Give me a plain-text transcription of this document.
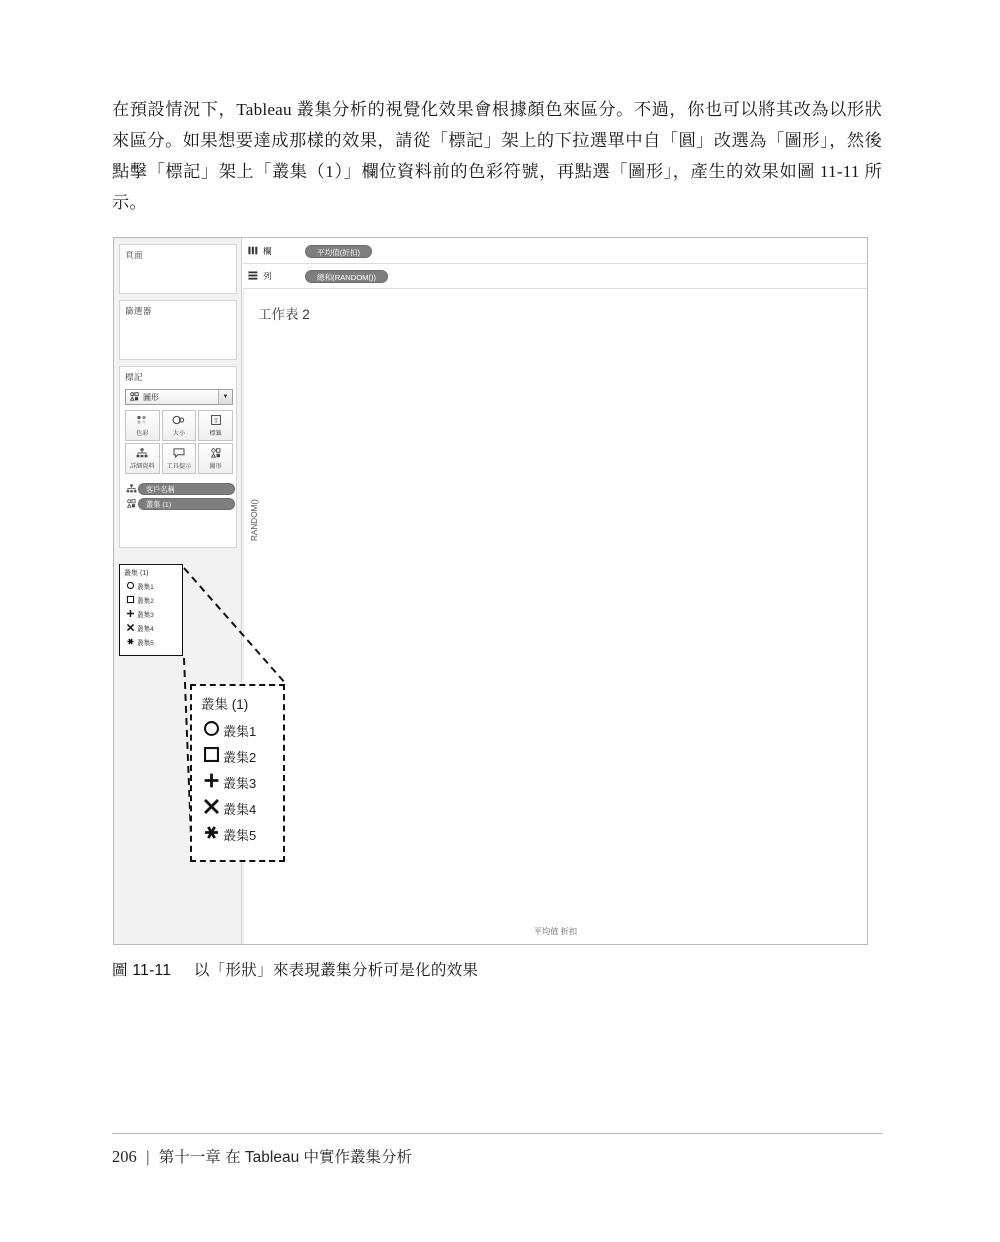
在預設情況下，Tableau 叢集分析的視覺化效果會根據顏色來區分。不過，你也可以將其改為以形狀來區分。如果想要達成那樣的效果，請從「標記」架上的下拉選單中自「圓」改選為「圖形」，然後點擊「標記」架上「叢集（1）」欄位資料前的色彩符號，再點選「圖形」，產生的效果如圖 11-11 所示。
頁面
篩選器
標記
圖形	▼
色彩	大小
T
標籤
詳細資料 工具提示	圖形
客戶名稱
叢集 (1)
叢集 (1)
叢集1
叢集2
叢集3
叢集4
叢集5
叢集 (1)
叢集1
叢集2
叢集3
叢集4
叢集5
欄	平均值(折扣)
列	總和(RANDOM())
工作表 2
RANDOM()
平均值 折扣
圖 11-11 以「形狀」來表現叢集分析可是化的效果
206 | 第十一章 在 Tableau 中實作叢集分析
